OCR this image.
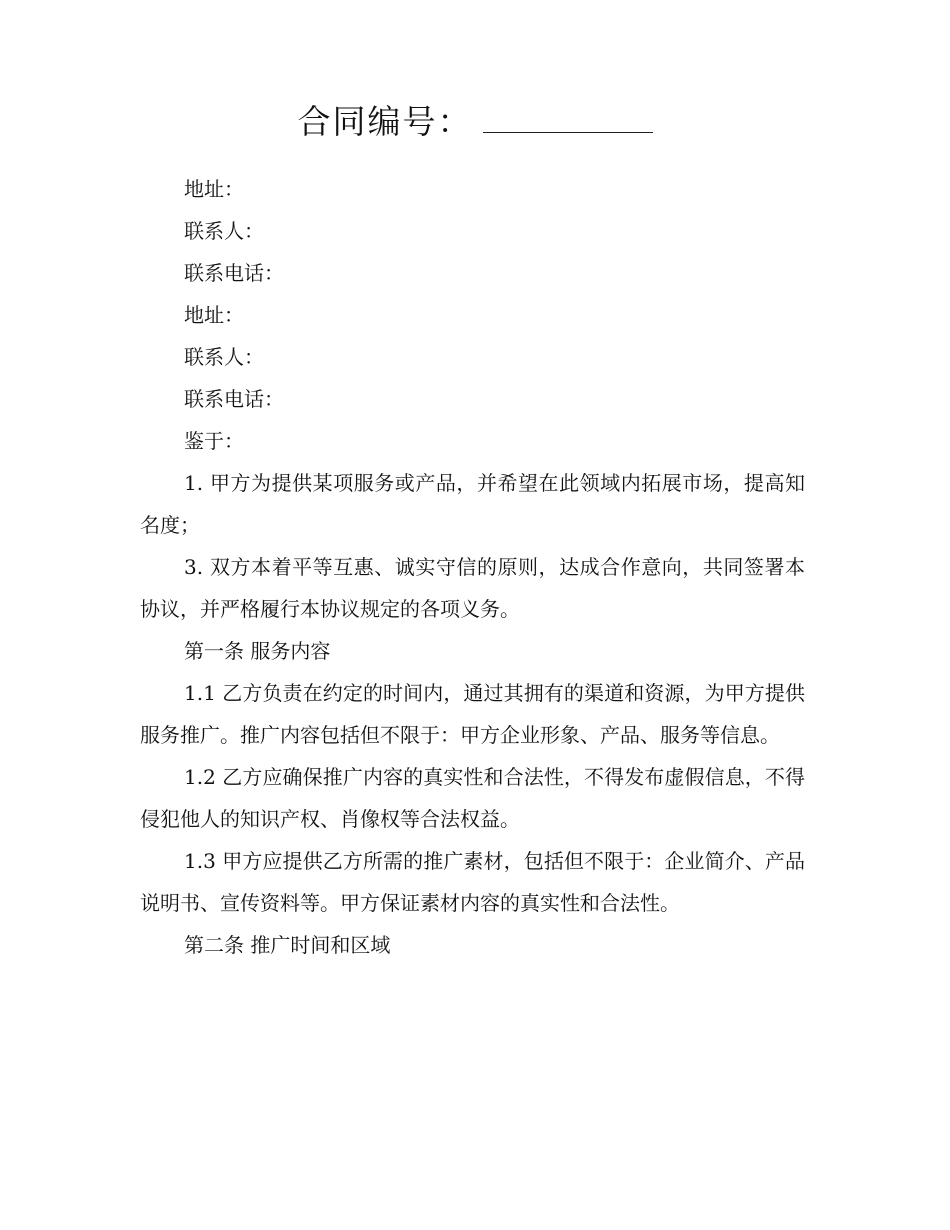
合同编号：

地址：

联系人：

联系电话：

地址：

联系人：

联系电话：

鉴于：

1. 甲方为提供某项服务或产品，并希望在此领域内拓展市场，提高知名度；

3. 双方本着平等互惠、诚实守信的原则，达成合作意向，共同签署本协议，并严格履行本协议规定的各项义务。

第一条 服务内容

1.1 乙方负责在约定的时间内，通过其拥有的渠道和资源，为甲方提供服务推广。推广内容包括但不限于：甲方企业形象、产品、服务等信息。

1.2 乙方应确保推广内容的真实性和合法性，不得发布虚假信息，不得侵犯他人的知识产权、肖像权等合法权益。

1.3 甲方应提供乙方所需的推广素材，包括但不限于：企业简介、产品说明书、宣传资料等。甲方保证素材内容的真实性和合法性。

第二条 推广时间和区域
